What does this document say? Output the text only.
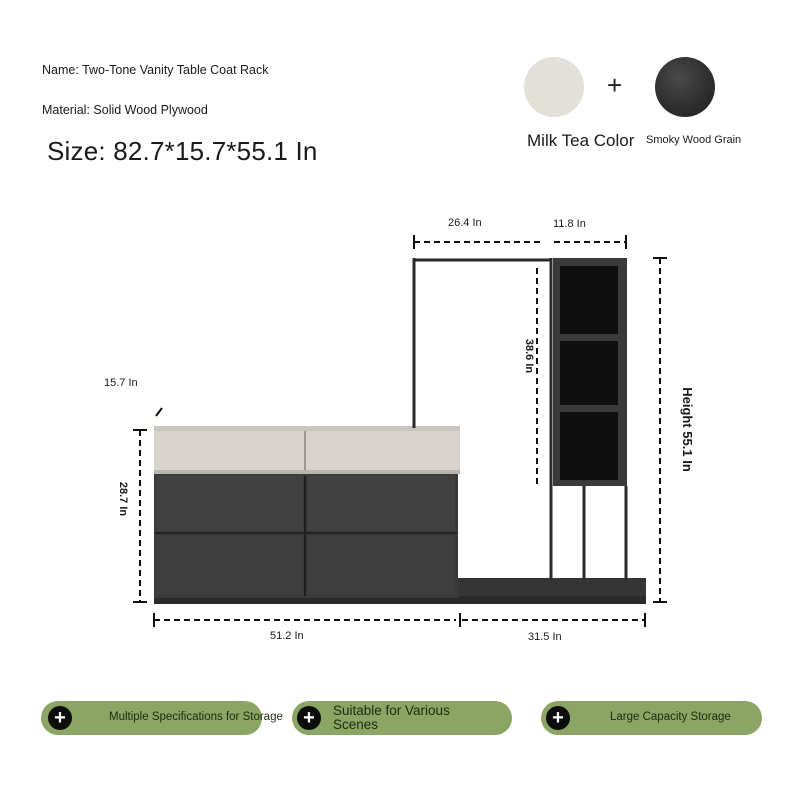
Name: Two-Tone Vanity Table Coat Rack
Material: Solid Wood Plywood
Size: 82.7*15.7*55.1 In
+
Milk Tea Color Smoky Wood Grain
26.4 In	11.8 In
15.7 In
38.6 In
Height 55.1 In
28.7 In
51.2 In	31.5 In
+	Multiple Specifications for Storage	+	Suitable for Various Scenes	+	Large Capacity Storage
